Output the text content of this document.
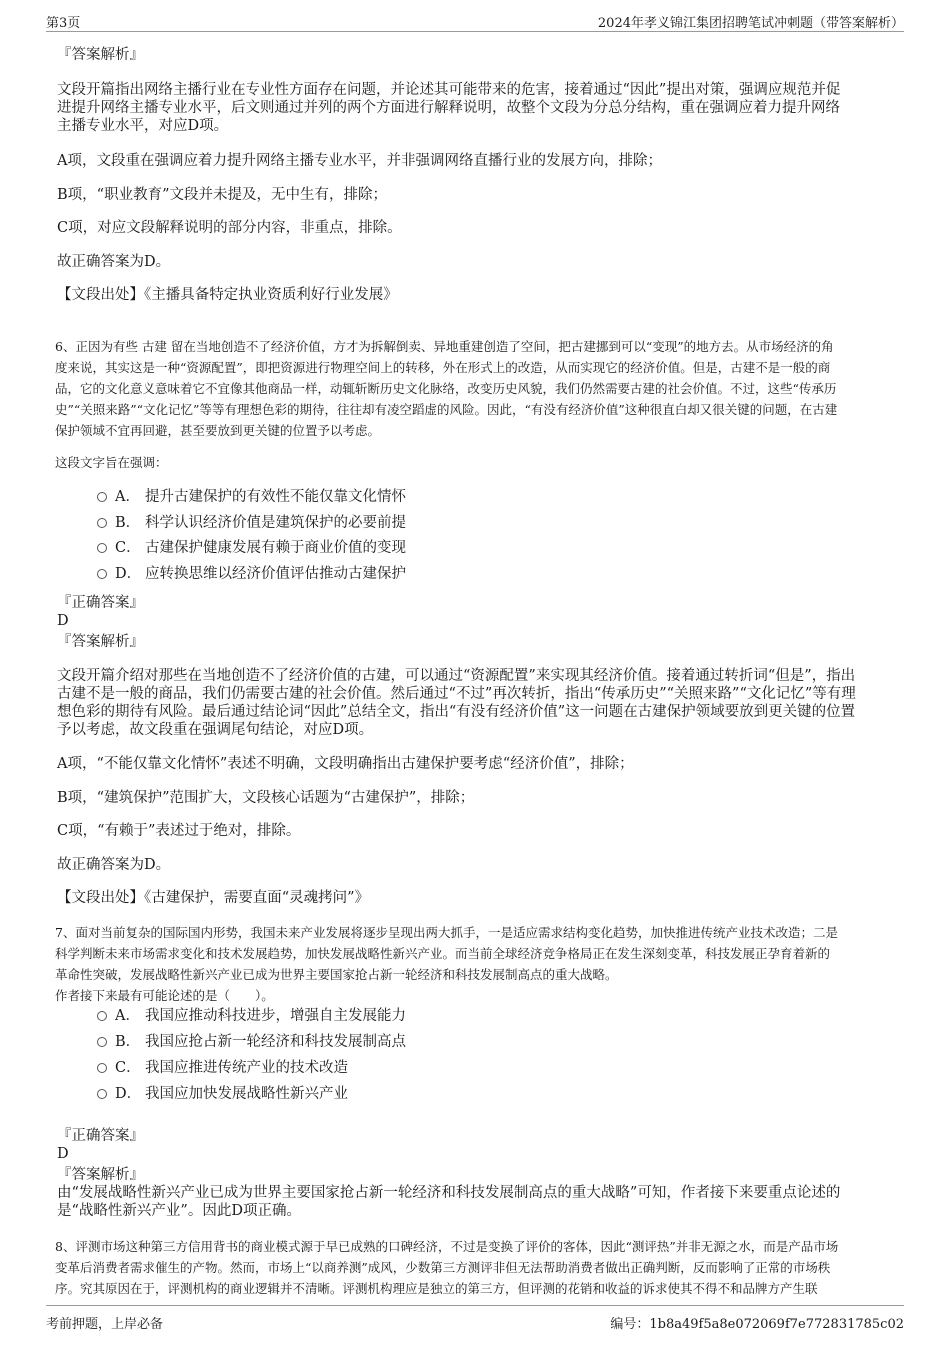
第3页	2024年孝义锦江集团招聘笔试冲刺题（带答案解析）
『答案解析』
文段开篇指出网络主播行业在专业性方面存在问题，并论述其可能带来的危害，接着通过“因此”提出对策，强调应规范并促
进提升网络主播专业水平，后文则通过并列的两个方面进行解释说明，故整个文段为分总分结构，重在强调应着力提升网络
主播专业水平，对应D项。
A项，文段重在强调应着力提升网络主播专业水平，并非强调网络直播行业的发展方向，排除；
B项，“职业教育”文段并未提及，无中生有，排除；
C项，对应文段解释说明的部分内容，非重点，排除。
故正确答案为D。
【文段出处】《主播具备特定执业资质利好行业发展》
6、正因为有些 古建 留在当地创造不了经济价值，方才为拆解倒卖、异地重建创造了空间，把古建挪到可以“变现”的地方去。从市场经济的角
度来说，其实这是一种“资源配置”，即把资源进行物理空间上的转移，外在形式上的改造，从而实现它的经济价值。但是，古建不是一般的商
品，它的文化意义意味着它不宜像其他商品一样，动辄斩断历史文化脉络，改变历史风貌，我们仍然需要古建的社会价值。不过，这些“传承历
史”“关照来路”“文化记忆”等等有理想色彩的期待，往往却有凌空蹈虚的风险。因此，“有没有经济价值”这种很直白却又很关键的问题，在古建
保护领域不宜再回避，甚至要放到更关键的位置予以考虑。
这段文字旨在强调：
A． 提升古建保护的有效性不能仅靠文化情怀
B． 科学认识经济价值是建筑保护的必要前提
C． 古建保护健康发展有赖于商业价值的变现
D． 应转换思维以经济价值评估推动古建保护
『正确答案』
D
『答案解析』
文段开篇介绍对那些在当地创造不了经济价值的古建，可以通过“资源配置”来实现其经济价值。接着通过转折词“但是”，指出
古建不是一般的商品，我们仍需要古建的社会价值。然后通过“不过”再次转折，指出“传承历史”“关照来路”“文化记忆”等有理
想色彩的期待有风险。最后通过结论词“因此”总结全文，指出“有没有经济价值”这一问题在古建保护领域要放到更关键的位置
予以考虑，故文段重在强调尾句结论，对应D项。
A项，“不能仅靠文化情怀”表述不明确，文段明确指出古建保护要考虑“经济价值”，排除；
B项，“建筑保护”范围扩大，文段核心话题为“古建保护”，排除；
C项，“有赖于”表述过于绝对，排除。
故正确答案为D。
【文段出处】《古建保护，需要直面“灵魂拷问”》
7、面对当前复杂的国际国内形势，我国未来产业发展将逐步呈现出两大抓手，一是适应需求结构变化趋势，加快推进传统产业技术改造；二是
科学判断未来市场需求变化和技术发展趋势，加快发展战略性新兴产业。而当前全球经济竞争格局正在发生深刻变革，科技发展正孕育着新的
革命性突破，发展战略性新兴产业已成为世界主要国家抢占新一轮经济和科技发展制高点的重大战略。
作者接下来最有可能论述的是（　　）。
A． 我国应推动科技进步，增强自主发展能力
B． 我国应抢占新一轮经济和科技发展制高点
C． 我国应推进传统产业的技术改造
D． 我国应加快发展战略性新兴产业
『正确答案』
D
『答案解析』
由“发展战略性新兴产业已成为世界主要国家抢占新一轮经济和科技发展制高点的重大战略”可知，作者接下来要重点论述的
是“战略性新兴产业”。因此D项正确。
8、评测市场这种第三方信用背书的商业模式源于早已成熟的口碑经济，不过是变换了评价的客体，因此“测评热”并非无源之水，而是产品市场
变革后消费者需求催生的产物。然而，市场上“以商养测”成风，少数第三方测评非但无法帮助消费者做出正确判断，反而影响了正常的市场秩
序。究其原因在于，评测机构的商业逻辑并不清晰。评测机构理应是独立的第三方，但评测的花销和收益的诉求使其不得不和品牌方产生联
考前押题，上岸必备	编号：1b8a49f5a8e072069f7e772831785c02
